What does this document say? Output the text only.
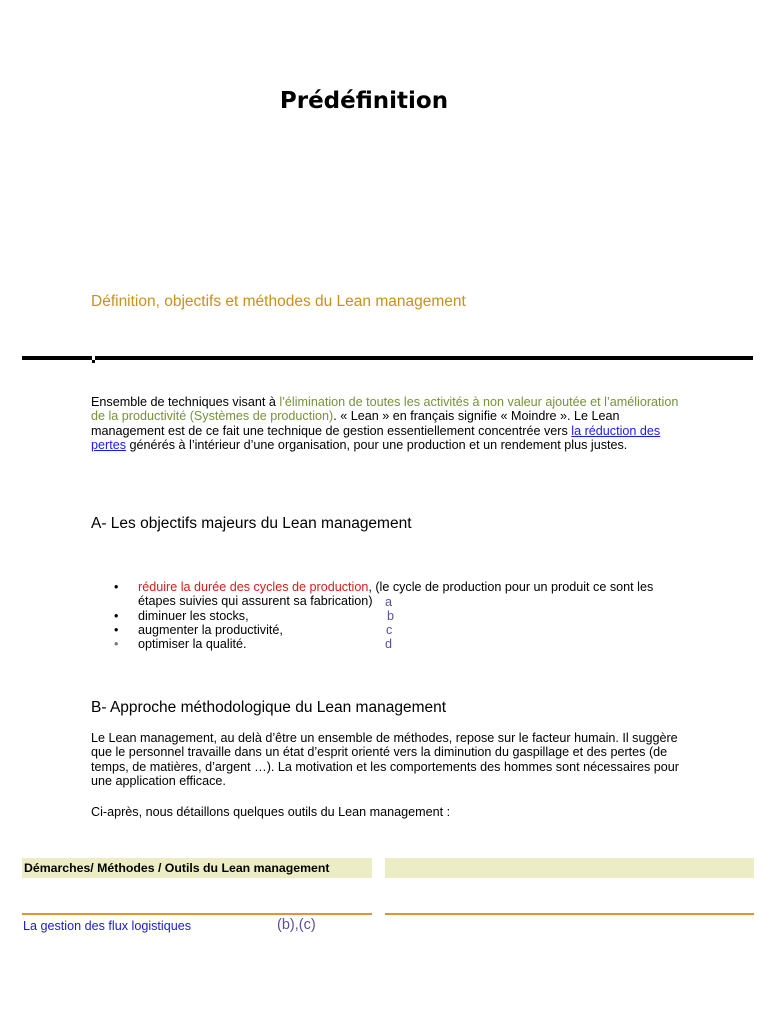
Prédéfinition
Définition, objectifs et méthodes du Lean management
Ensemble de techniques visant à l’élimination de toutes les activités à non valeur ajoutée et l’amélioration de la productivité (Systèmes de production). « Lean » en français signifie « Moindre ». Le Lean management est de ce fait une technique de gestion essentiellement concentrée vers la réduction des pertes générés à l’intérieur d’une organisation, pour une production et un rendement plus justes.
A- Les objectifs majeurs du Lean management
• réduire la durée des cycles de production, (le cycle de production pour un produit ce sont les étapes suivies qui assurent sa fabrication)
• diminuer les stocks,
• augmenter la productivité,
• optimiser la qualité.
a
b
c
d
B- Approche méthodologique du Lean management
Le Lean management, au delà d’être un ensemble de méthodes, repose sur le facteur humain. Il suggère que le personnel travaille dans un état d’esprit orienté vers la diminution du gaspillage et des pertes (de temps, de matières, d’argent …). La motivation et les comportements des hommes sont nécessaires pour une application efficace.
Ci-après, nous détaillons quelques outils du Lean management :
Démarches/ Méthodes / Outils du Lean management
La gestion des flux logistiques	(b),(c)
